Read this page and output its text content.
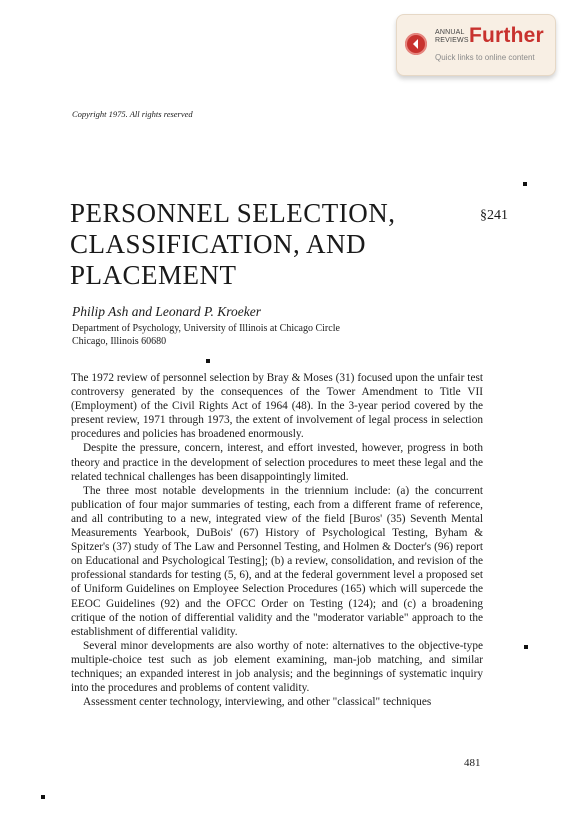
ANNUAL REVIEWS Further
Quick links to online content
Copyright 1975. All rights reserved
PERSONNEL SELECTION, CLASSIFICATION, AND PLACEMENT
§241
Philip Ash and Leonard P. Kroeker
Department of Psychology, University of Illinois at Chicago Circle
Chicago, Illinois 60680

The 1972 review of personnel selection by Bray & Moses (31) focused upon the unfair test controversy generated by the consequences of the Tower Amendment to Title VII (Employment) of the Civil Rights Act of 1964 (48). In the 3-year period covered by the present review, 1971 through 1973, the extent of involvement of legal process in selection procedures and policies has broadened enormously.

Despite the pressure, concern, interest, and effort invested, however, progress in both theory and practice in the development of selection procedures to meet these legal and the related technical challenges has been disappointingly limited.

The three most notable developments in the triennium include: (a) the concurrent publication of four major summaries of testing, each from a different frame of reference, and all contributing to a new, integrated view of the field [Buros' (35) Seventh Mental Measurements Yearbook, DuBois' (67) History of Psychological Testing, Byham & Spitzer's (37) study of The Law and Personnel Testing, and Holmen & Docter's (96) report on Educational and Psychological Testing]; (b) a review, consolidation, and revision of the professional standards for testing (5, 6), and at the federal government level a proposed set of Uniform Guidelines on Employee Selection Procedures (165) which will supercede the EEOC Guidelines (92) and the OFCC Order on Testing (124); and (c) a broadening critique of the notion of differential validity and the "moderator variable" approach to the establishment of differential validity.

Several minor developments are also worthy of note: alternatives to the objective-type multiple-choice test such as job element examining, man-job matching, and similar techniques; an expanded interest in job analysis; and the beginnings of systematic inquiry into the procedures and problems of content validity.

Assessment center technology, interviewing, and other "classical" techniques

481
